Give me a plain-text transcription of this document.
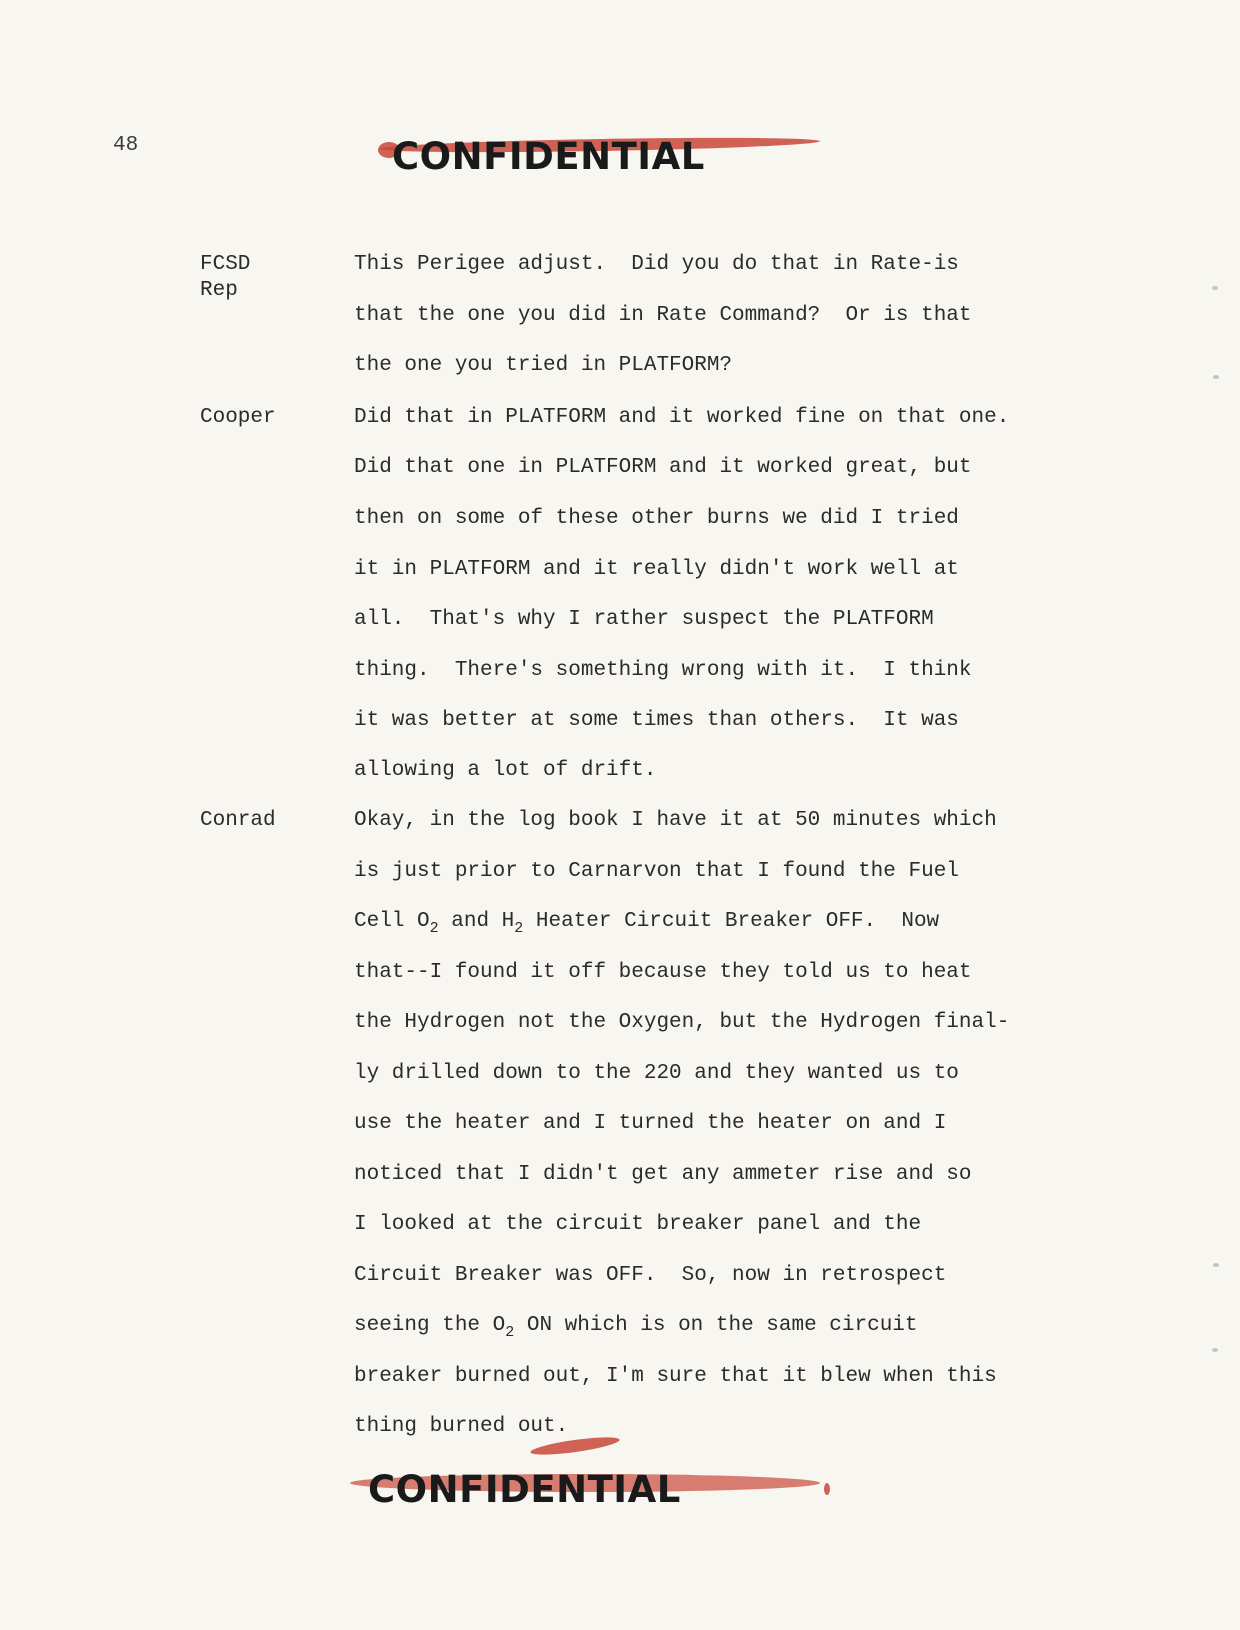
48	CONFIDENTIAL
FCSD Rep
This Perigee adjust.  Did you do that in Rate-is
that the one you did in Rate Command?  Or is that
the one you tried in PLATFORM?
Cooper	Did that in PLATFORM and it worked fine on that one.
Did that one in PLATFORM and it worked great, but
then on some of these other burns we did I tried
it in PLATFORM and it really didn't work well at
all.  That's why I rather suspect the PLATFORM
thing.  There's something wrong with it.  I think
it was better at some times than others.  It was
allowing a lot of drift.
Conrad	Okay, in the log book I have it at 50 minutes which
is just prior to Carnarvon that I found the Fuel
Cell $O_2$ and $H_2$ Heater Circuit Breaker OFF.  Now
that--I found it off because they told us to heat
the Hydrogen not the Oxygen, but the Hydrogen final-
ly drilled down to the 220 and they wanted us to
use the heater and I turned the heater on and I
noticed that I didn't get any ammeter rise and so
I looked at the circuit breaker panel and the
Circuit Breaker was OFF.  So, now in retrospect
seeing the $O_2$ ON which is on the same circuit
breaker burned out, I'm sure that it blew when this
thing burned out.
CONFIDENTIAL
